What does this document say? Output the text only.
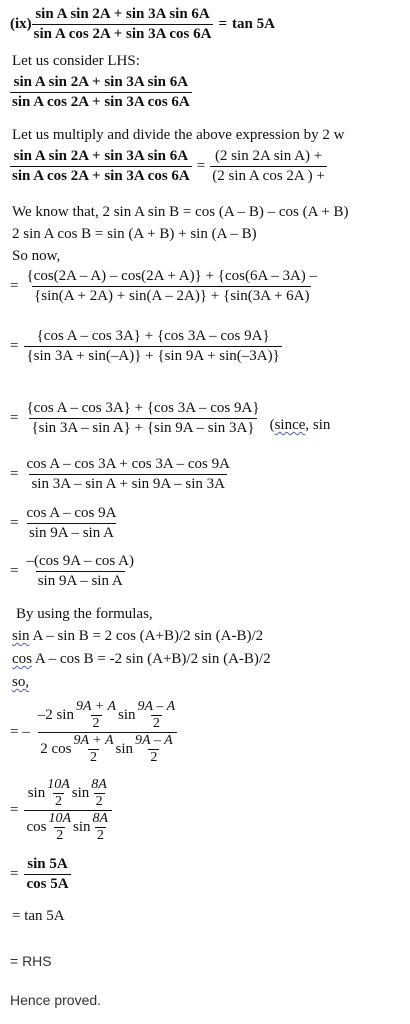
$(ix) \frac{\text{sin A sin 2A + sin 3A sin 6A}}{\text{sin A cos 2A + sin 3A cos 6A}} = \tan 5A$
Let us consider LHS:
$\frac{\text{sin A sin 2A + sin 3A sin 6A}}{\text{sin A cos 2A + sin 3A cos 6A}}$
Let us multiply and divide the above expression by 2 w
$\frac{\text{sin A sin 2A + sin 3A sin 6A}}{\text{sin A cos 2A + sin 3A cos 6A}} = \frac{\text{(2 sin 2A sin A) +}}{\text{(2 sin A cos 2A ) +}}$
We know that, 2 sin A sin B = cos (A – B) – cos (A + B)
2 sin A cos B = sin (A + B) + sin (A – B)
So now,
= $\frac{\{\cos(2A - A) - \cos(2A + A)\} + \{\cos(6A - 3A) -}{\{\sin(A + 2A) + \sin(A - 2A)\} + \{\sin(3A + 6A)}$
= $\frac{\text{\{cos A – cos 3A\} + \{cos 3A – cos 9A\}}}{\{\sin 3A + \sin(-A)\} + \{\sin 9A + \sin(-3A)\}}$
= $\frac{\text{\{cos A – cos 3A\} + \{cos 3A – cos 9A\}}}{\text{\{sin 3A – sin A\} + \{sin 9A – sin 3A\}}}$ (since, sin
= $\frac{\text{cos A – cos 3A + cos 3A – cos 9A}}{\text{sin 3A – sin A + sin 9A – sin 3A}}$
= $\frac{\text{cos A – cos 9A}}{\text{sin 9A – sin A}}$
= $\frac{\text{–(cos 9A – cos A)}}{\text{sin 9A – sin A}}$
By using the formulas,
sin A – sin B = 2 cos (A+B)/2 sin (A-B)/2
cos A – cos B = -2 sin (A+B)/2 sin (A-B)/2
so,
= – $\frac{-2 \sin \frac{9A + A}{2} \sin \frac{9A - A}{2}}{2 \cos \frac{9A + A}{2} \sin \frac{9A - A}{2}}$
= $\frac{\sin \frac{10A}{2} \sin \frac{8A}{2}}{\cos \frac{10A}{2} \sin \frac{8A}{2}}$
= $\frac{\sin 5A}{\cos 5A}$
= tan 5A
= RHS
Hence proved.
